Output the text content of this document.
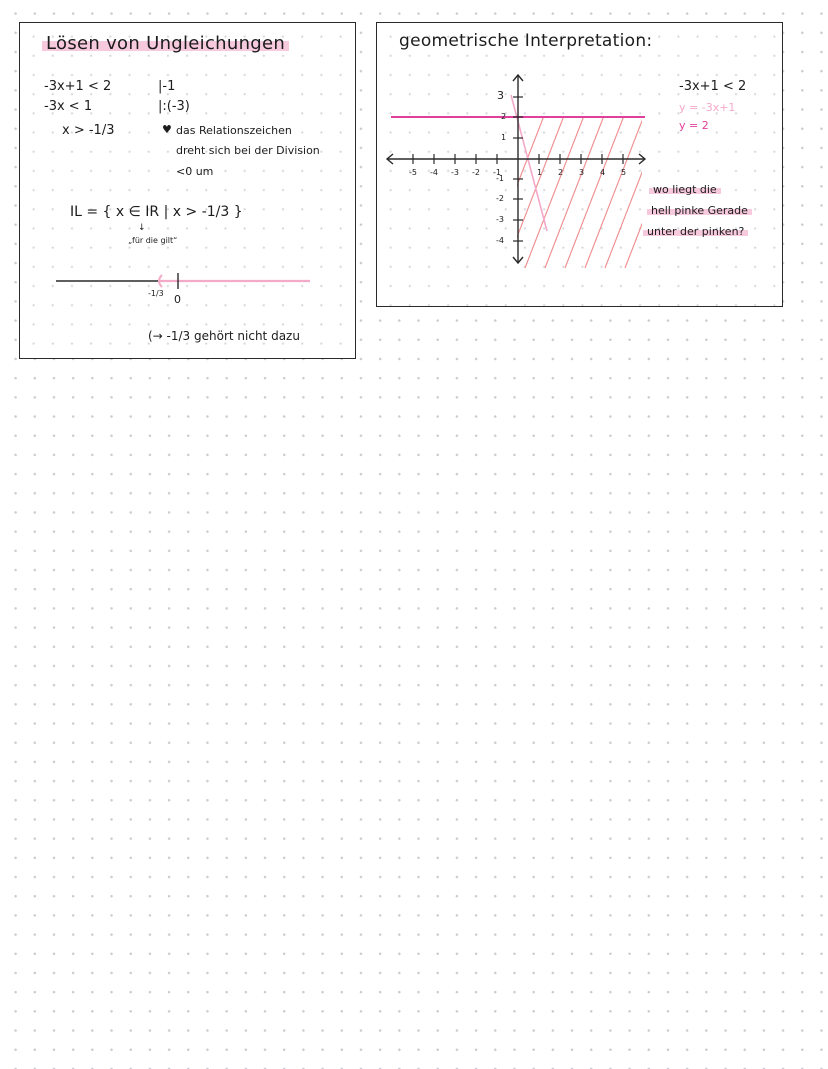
Lösen von Ungleichungen
-3x+1 < 2	|-1
-3x < 1	|:(-3)
x > -1/3	♥ das Relationszeichen
dreht sich bei der Division
<0 um
IL = { x ∈ IR | x > -1/3 }
↓
„für die gilt“
-1/3 0
(→ -1/3 gehört nicht dazu
geometrische Interpretation:
-5 -4 -3 -2 -1	1 2 3 4 5
3
2
1
-1
-2
-3
-4
-3x+1 < 2
y = -3x+1
y = 2
wo liegt die
hell pinke Gerade
unter der pinken?
